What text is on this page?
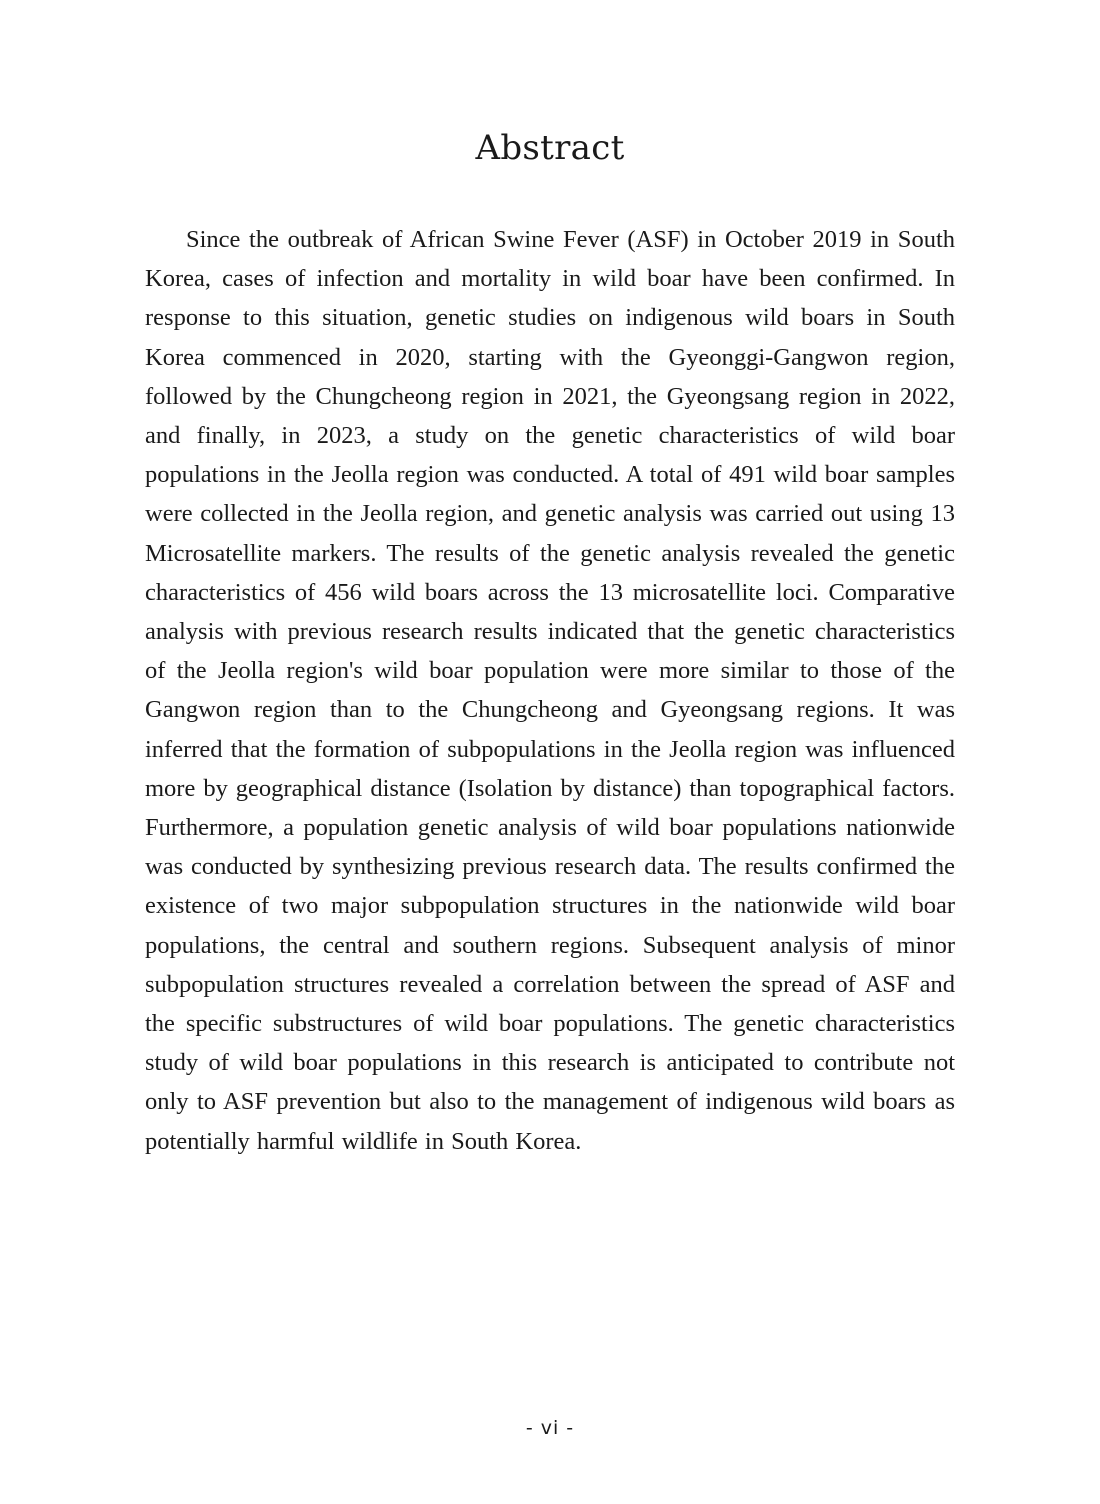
Abstract

Since the outbreak of African Swine Fever (ASF) in October 2019 in South Korea, cases of infection and mortality in wild boar have been confirmed. In response to this situation, genetic studies on indigenous wild boars in South Korea commenced in 2020, starting with the Gyeonggi-Gangwon region, followed by the Chungcheong region in 2021, the Gyeongsang region in 2022, and finally, in 2023, a study on the genetic characteristics of wild boar populations in the Jeolla region was conducted. A total of 491 wild boar samples were collected in the Jeolla region, and genetic analysis was carried out using 13 Microsatellite markers. The results of the genetic analysis revealed the genetic characteristics of 456 wild boars across the 13 microsatellite loci. Comparative analysis with previous research results indicated that the genetic characteristics of the Jeolla region's wild boar population were more similar to those of the Gangwon region than to the Chungcheong and Gyeongsang regions. It was inferred that the formation of subpopulations in the Jeolla region was influenced more by geographical distance (Isolation by distance) than topographical factors. Furthermore, a population genetic analysis of wild boar populations nationwide was conducted by synthesizing previous research data. The results confirmed the existence of two major subpopulation structures in the nationwide wild boar populations, the central and southern regions. Subsequent analysis of minor subpopulation structures revealed a correlation between the spread of ASF and the specific substructures of wild boar populations. The genetic characteristics study of wild boar populations in this research is anticipated to contribute not only to ASF prevention but also to the management of indigenous wild boars as potentially harmful wildlife in South Korea.

- vi -
